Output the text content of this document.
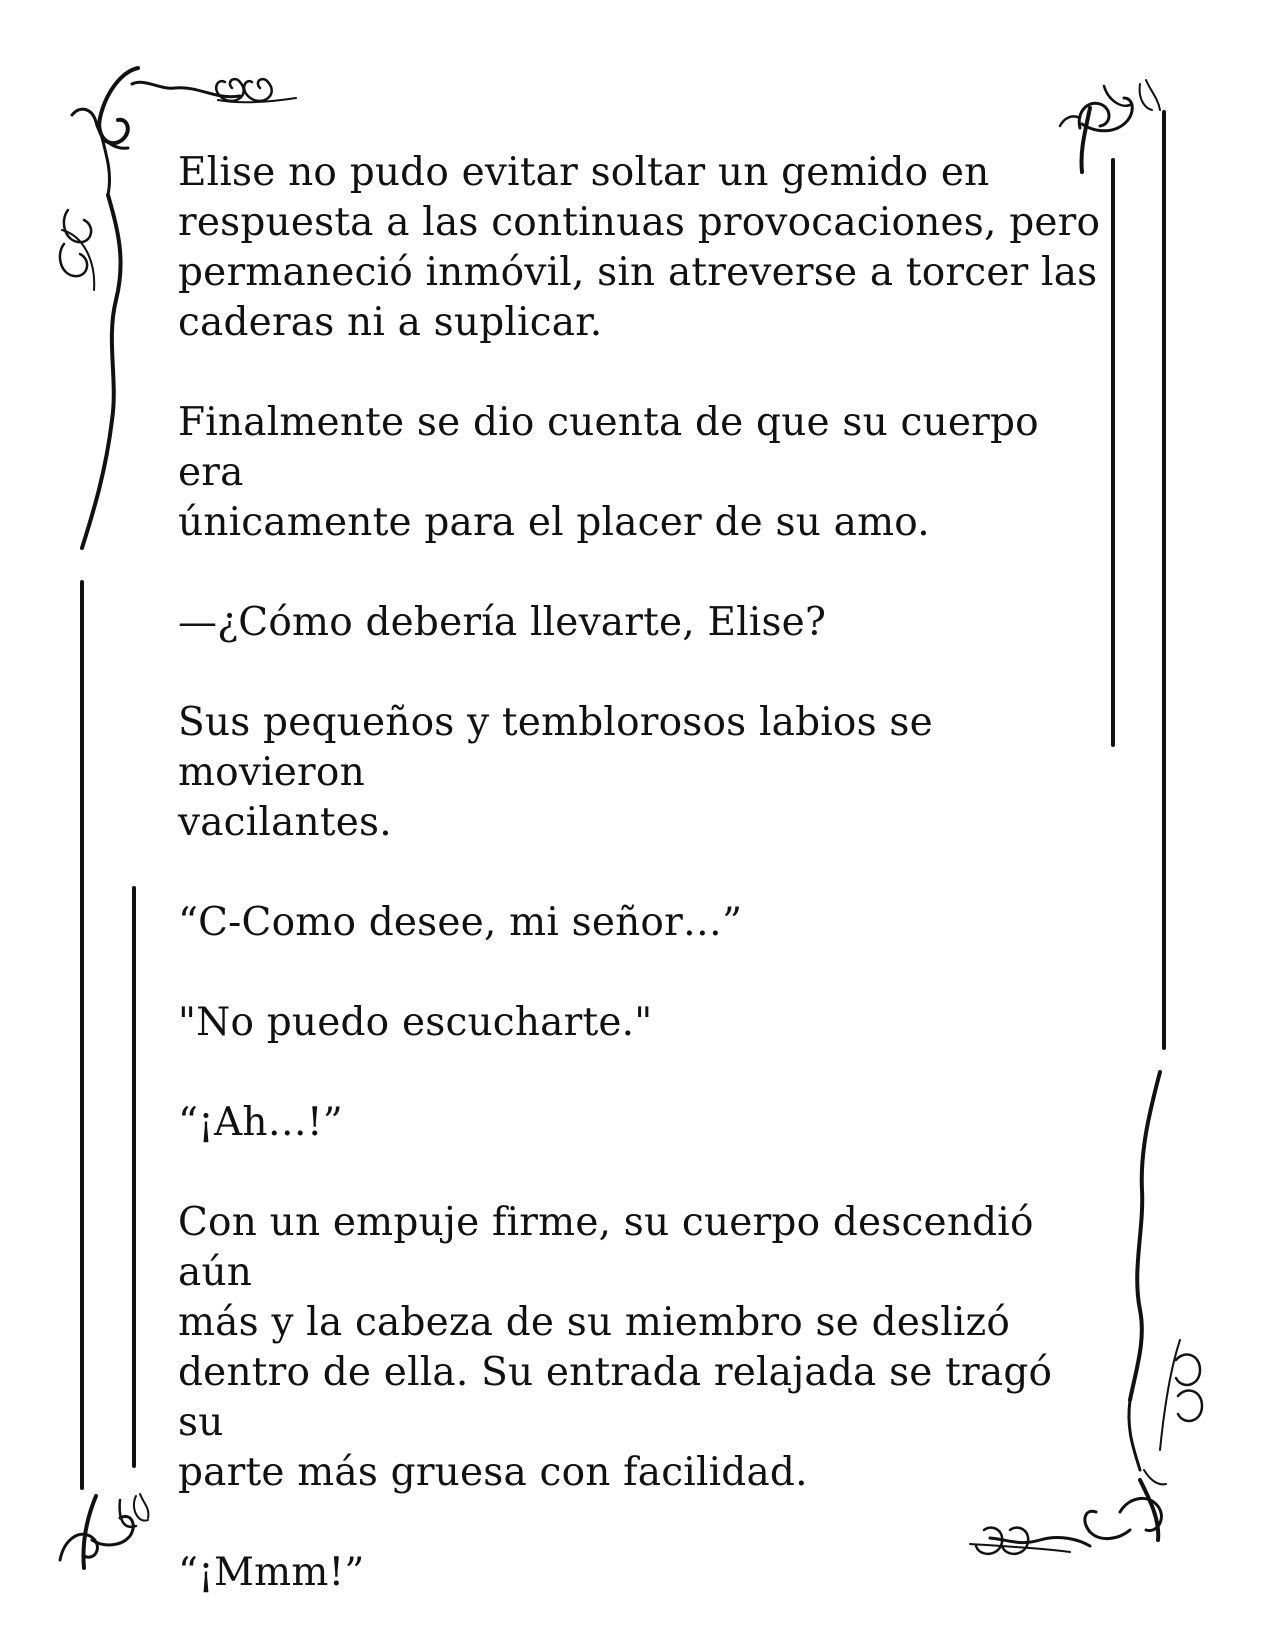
Elise no pudo evitar soltar un gemido en
respuesta a las continuas provocaciones, pero
permaneció inmóvil, sin atreverse a torcer las
caderas ni a suplicar.

Finalmente se dio cuenta de que su cuerpo era
únicamente para el placer de su amo.

—¿Cómo debería llevarte, Elise?

Sus pequeños y temblorosos labios se movieron
vacilantes.

“C-Como desee, mi señor…”

"No puedo escucharte."

“¡Ah…!”

Con un empuje firme, su cuerpo descendió aún
más y la cabeza de su miembro se deslizó
dentro de ella. Su entrada relajada se tragó su
parte más gruesa con facilidad.

“¡Mmm!”
